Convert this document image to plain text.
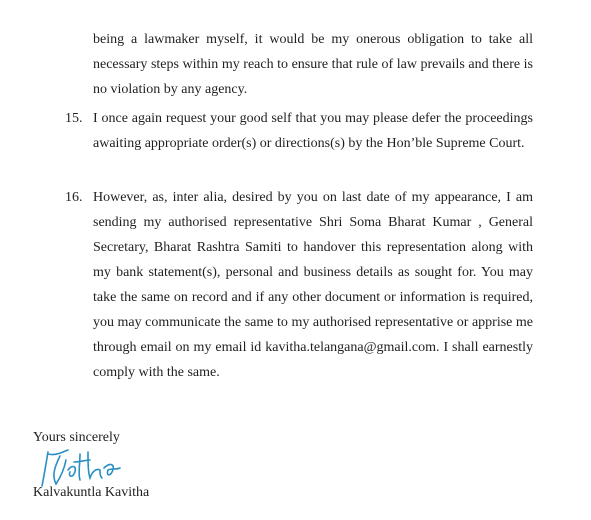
being a lawmaker myself, it would be my onerous obligation to take all necessary steps within my reach to ensure that rule of law prevails and there is no violation by any agency.
15. I once again request your good self that you may please defer the proceedings awaiting appropriate order(s) or directions(s) by the Hon’ble Supreme Court.
16. However, as, inter alia, desired by you on last date of my appearance, I am sending my authorised representative Shri Soma Bharat Kumar , General Secretary, Bharat Rashtra Samiti to handover this representation along with my bank statement(s), personal and business details as sought for. You may take the same on record and if any other document or information is required, you may communicate the same to my authorised representative or apprise me through email on my email id kavitha.telangana@gmail.com. I shall earnestly comply with the same.
Yours sincerely
Kalvakuntla Kavitha
